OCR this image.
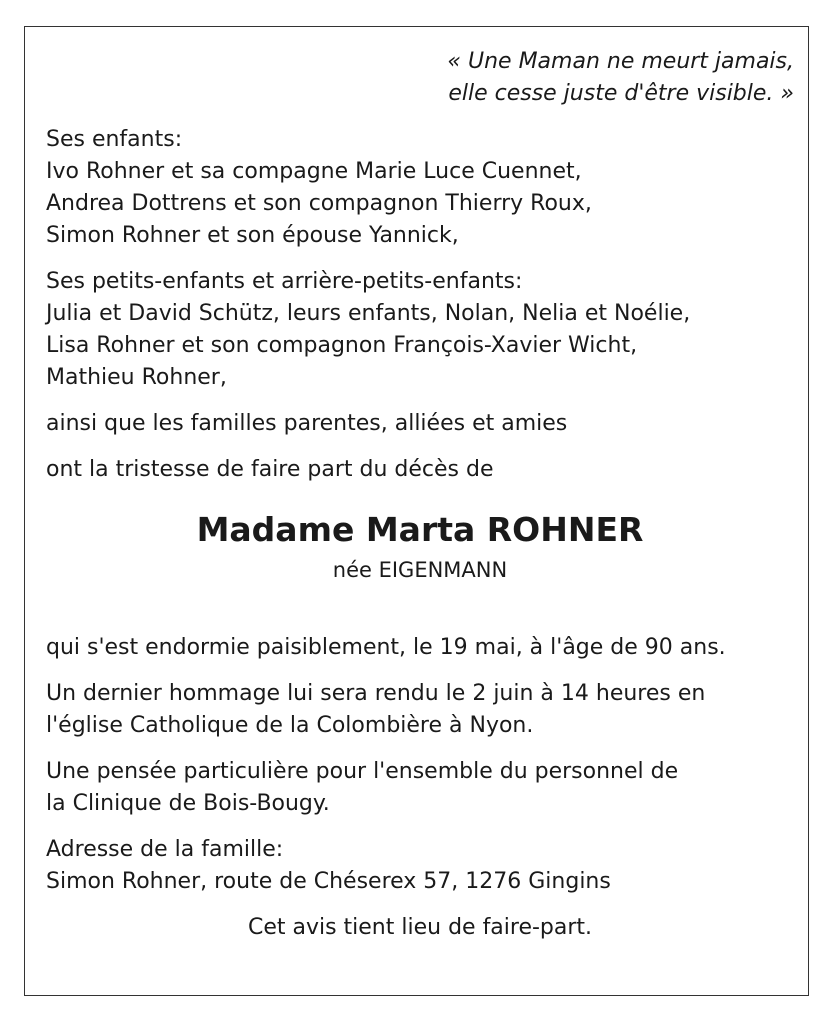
« Une Maman ne meurt jamais,
elle cesse juste d'être visible. »
Ses enfants:
Ivo Rohner et sa compagne Marie Luce Cuennet,
Andrea Dottrens et son compagnon Thierry Roux,
Simon Rohner et son épouse Yannick,
Ses petits-enfants et arrière-petits-enfants:
Julia et David Schütz, leurs enfants, Nolan, Nelia et Noélie,
Lisa Rohner et son compagnon François-Xavier Wicht,
Mathieu Rohner,
ainsi que les familles parentes, alliées et amies
ont la tristesse de faire part du décès de
Madame Marta ROHNER
née EIGENMANN
qui s'est endormie paisiblement, le 19 mai, à l'âge de 90 ans.
Un dernier hommage lui sera rendu le 2 juin à 14 heures en
l'église Catholique de la Colombière à Nyon.
Une pensée particulière pour l'ensemble du personnel de
la Clinique de Bois-Bougy.
Adresse de la famille:
Simon Rohner, route de Chéserex 57, 1276 Gingins
Cet avis tient lieu de faire-part.
